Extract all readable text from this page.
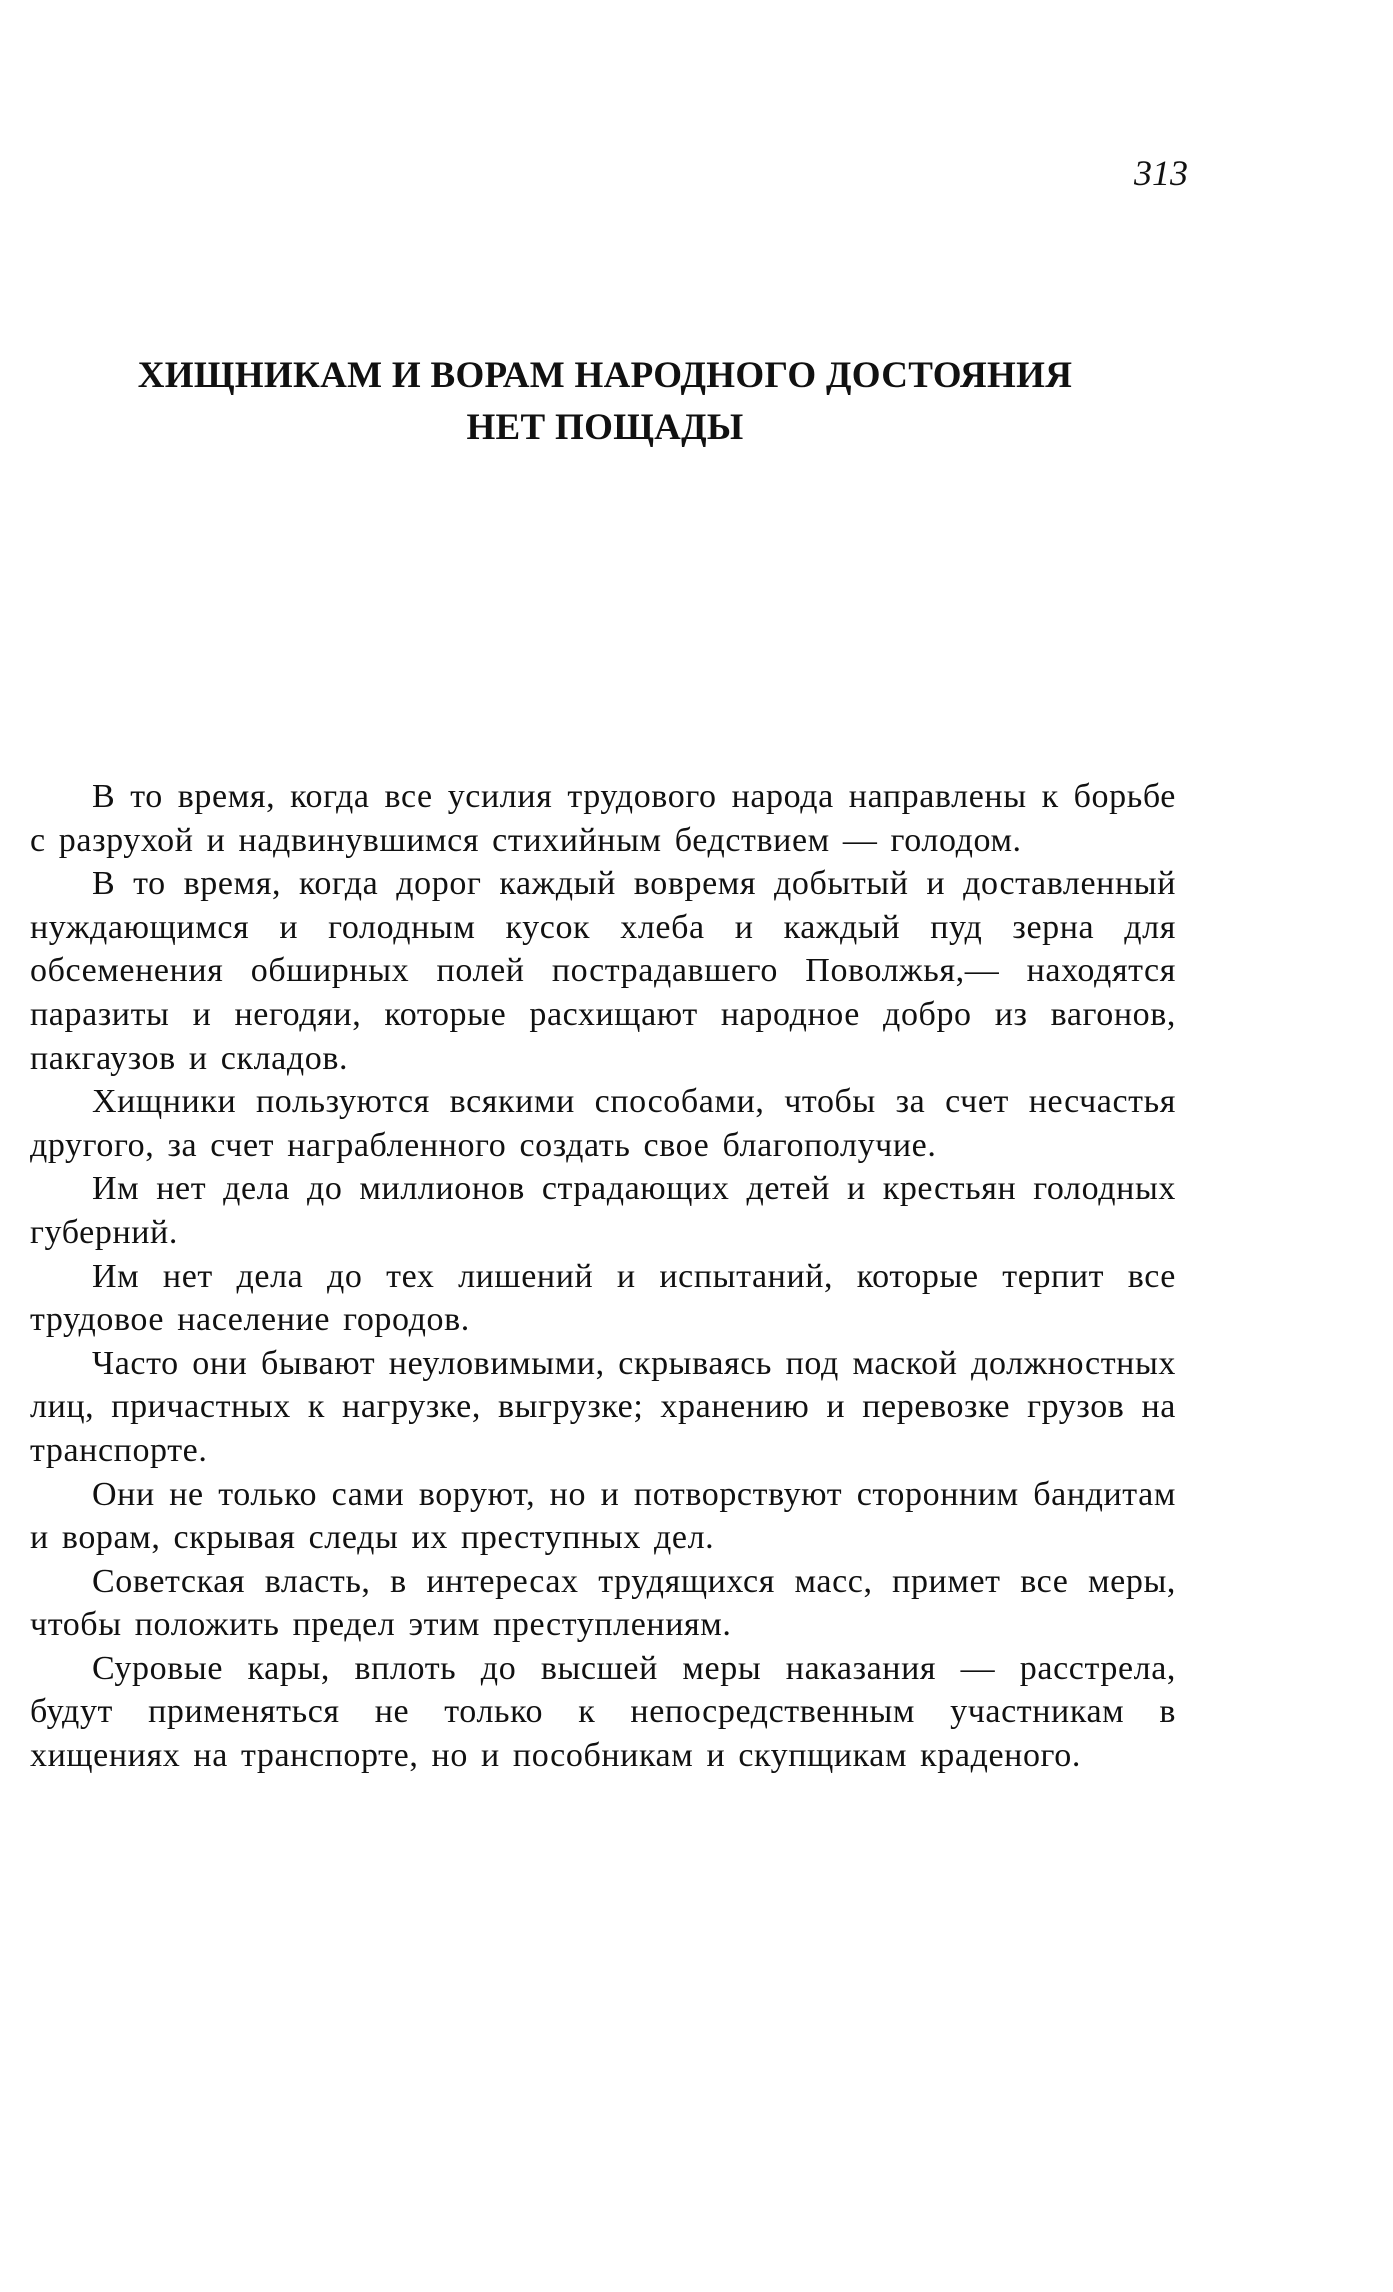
313
ХИЩНИКАМ И ВОРАМ НАРОДНОГО ДОСТОЯНИЯ
НЕТ ПОЩАДЫ

В то время, когда все усилия трудового народа направлены к борьбе с разрухой и надвинувшимся стихийным бедствием — голодом.

В то время, когда дорог каждый вовремя добытый и доставленный нуждающимся и голодным кусок хлеба и каждый пуд зерна для обсеменения обширных полей пострадавшего Поволжья,— находятся паразиты и негодяи, которые расхищают народное добро из вагонов, пакгаузов и складов.

Хищники пользуются всякими способами, чтобы за счет несчастья другого, за счет награбленного создать свое благополучие.

Им нет дела до миллионов страдающих детей и крестьян голодных губерний.

Им нет дела до тех лишений и испытаний, которые терпит все трудовое население городов.

Часто они бывают неуловимыми, скрываясь под маской должностных лиц, причастных к нагрузке, выгрузке; хранению и перевозке грузов на транспорте.

Они не только сами воруют, но и потворствуют сторонним бандитам и ворам, скрывая следы их преступных дел.

Советская власть, в интересах трудящихся масс, примет все меры, чтобы положить предел этим преступлениям.

Суровые кары, вплоть до высшей меры наказания — расстрела, будут применяться не только к непосредственным участникам в хищениях на транспорте, но и пособникам и скупщикам краденого.
